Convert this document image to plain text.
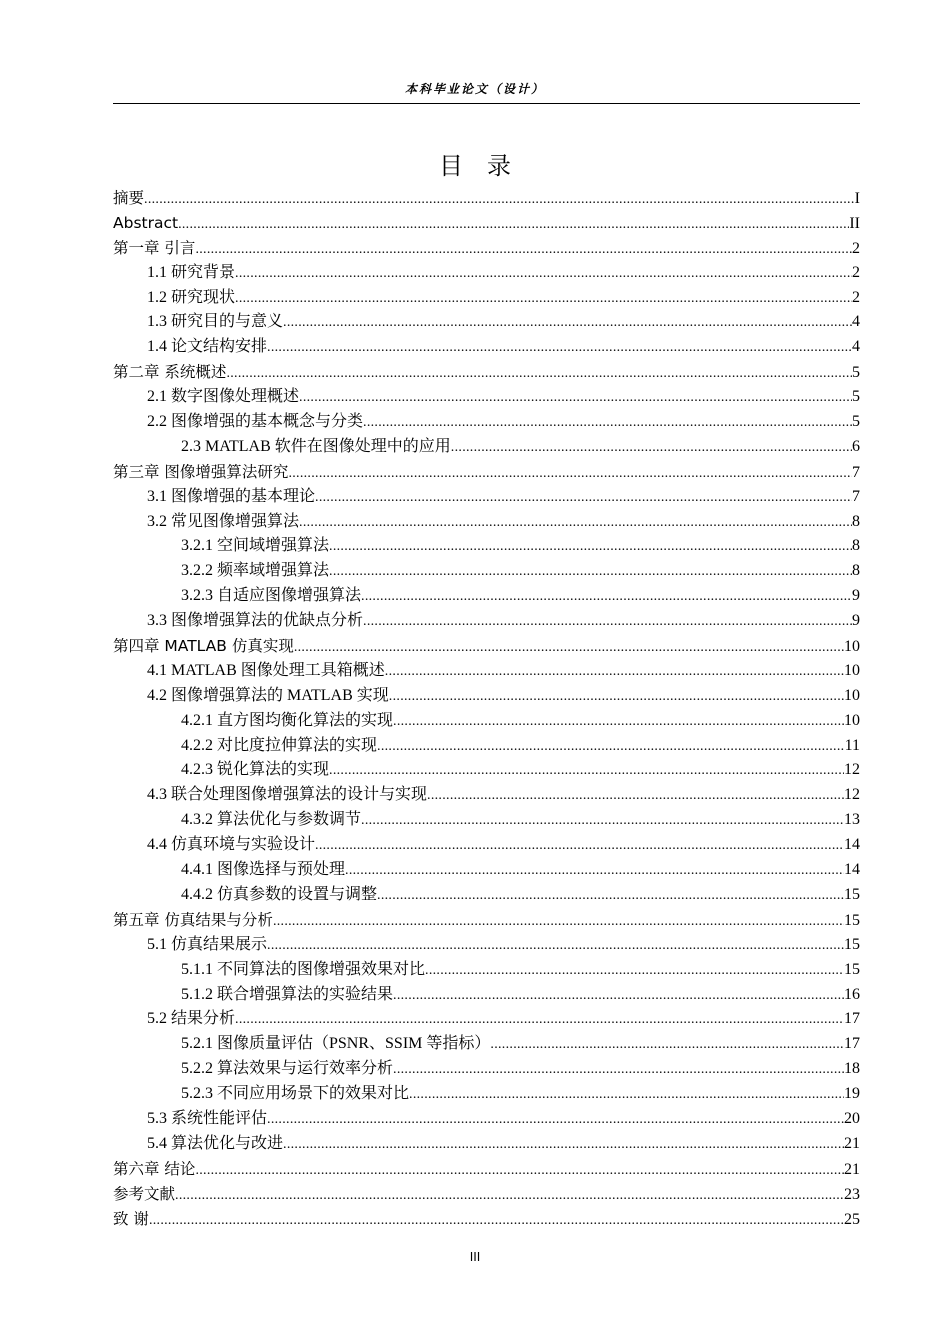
本科毕业论文（设计）
目录
摘要 .....	I
Abstract .....	II
第一章 引言 .....	2
1.1 研究背景 .....	2
1.2 研究现状 .....	2
1.3 研究目的与意义 .....	4
1.4 论文结构安排 .....	4
第二章 系统概述 .....	5
2.1 数字图像处理概述 .....	5
2.2 图像增强的基本概念与分类 .....	5
2.3 MATLAB 软件在图像处理中的应用 .....	6
第三章 图像增强算法研究 .....	7
3.1 图像增强的基本理论 .....	7
3.2 常见图像增强算法 .....	8
3.2.1 空间域增强算法 .....	8
3.2.2 频率域增强算法 .....	8
3.2.3 自适应图像增强算法 .....	9
3.3 图像增强算法的优缺点分析 .....	9
第四章 MATLAB 仿真实现 .....	10
4.1 MATLAB 图像处理工具箱概述 .....	10
4.2 图像增强算法的 MATLAB 实现 .....	10
4.2.1 直方图均衡化算法的实现 .....	10
4.2.2 对比度拉伸算法的实现 .....	11
4.2.3 锐化算法的实现 .....	12
4.3 联合处理图像增强算法的设计与实现 .....	12
4.3.2 算法优化与参数调节 .....	13
4.4 仿真环境与实验设计 .....	14
4.4.1 图像选择与预处理 .....	14
4.4.2 仿真参数的设置与调整 .....	15
第五章 仿真结果与分析 .....	15
5.1 仿真结果展示 .....	15
5.1.1 不同算法的图像增强效果对比 .....	15
5.1.2 联合增强算法的实验结果 .....	16
5.2 结果分析 .....	17
5.2.1 图像质量评估（PSNR、SSIM 等指标） .....	17
5.2.2 算法效果与运行效率分析 .....	18
5.2.3 不同应用场景下的效果对比 .....	19
5.3 系统性能评估 .....	20
5.4 算法优化与改进 .....	21
第六章 结论 .....	21
参考文献 .....	23
致 谢 .....	25
III
